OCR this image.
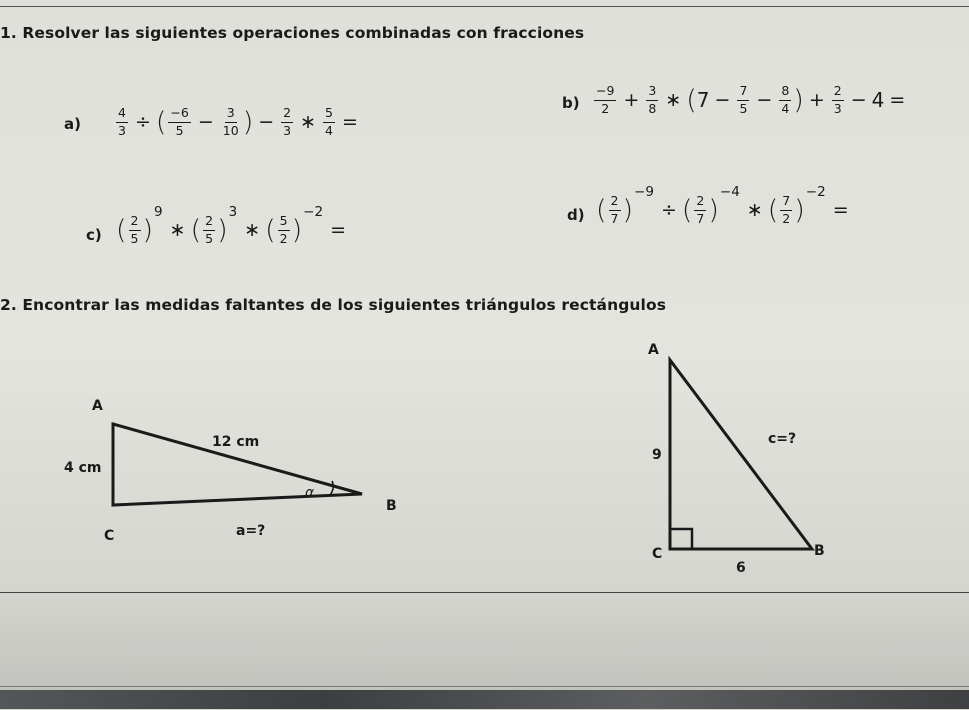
1. Resolver las siguientes operaciones combinadas con fracciones
a)	$\frac{4}{3}$ ÷ ( $\frac{-6}{5} - \frac{3}{10}$ ) − $\frac{2}{3}$ ∗ $\frac{5}{4}$ =
$b) \frac{-9}{2} + \frac{3}{8}$ ∗ ( $7 - \frac{7}{5} - \frac{8}{4}$ ) + $\frac{2}{3} - 4$ =
c) ( $\frac{2}{5}$ )
9
∗ ( $\frac{2}{5}$ )
3
∗ ( $\frac{5}{2}$ )
−2
=
d) ( $\frac{2}{7}$ )
−9
÷ ( $\frac{2}{7}$ )
−4
∗ ( $\frac{7}{2}$ )
−2
=
2. Encontrar las medidas faltantes de los siguientes triángulos rectángulos
A
B
C
4 cm
12 cm
α
a=?
A
B
C
9
6
c=?
